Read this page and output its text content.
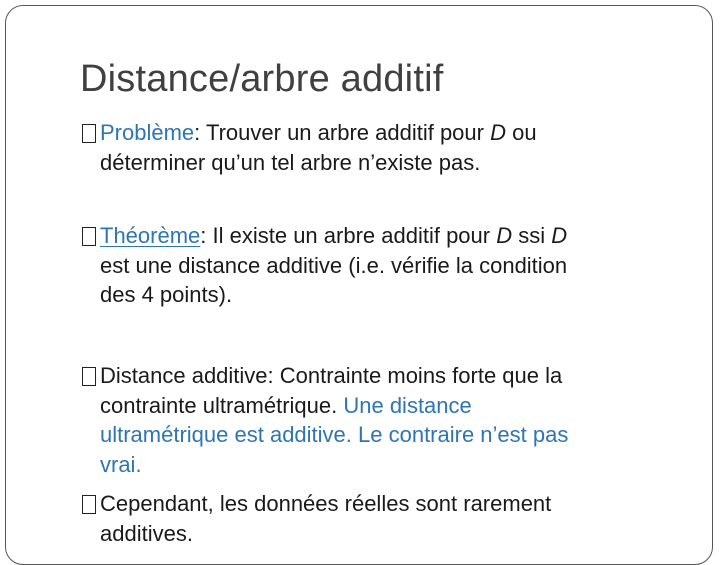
Distance/arbre additif
Problème: Trouver un arbre additif pour D ou
déterminer qu’un tel arbre n’existe pas.
Théorème: Il existe un arbre additif pour D ssi D
est une distance additive (i.e. vérifie la condition
des 4 points).
Distance additive: Contrainte moins forte que la
contrainte ultramétrique. Une distance
ultramétrique est additive. Le contraire n’est pas
vrai.
Cependant, les données réelles sont rarement
additives.
